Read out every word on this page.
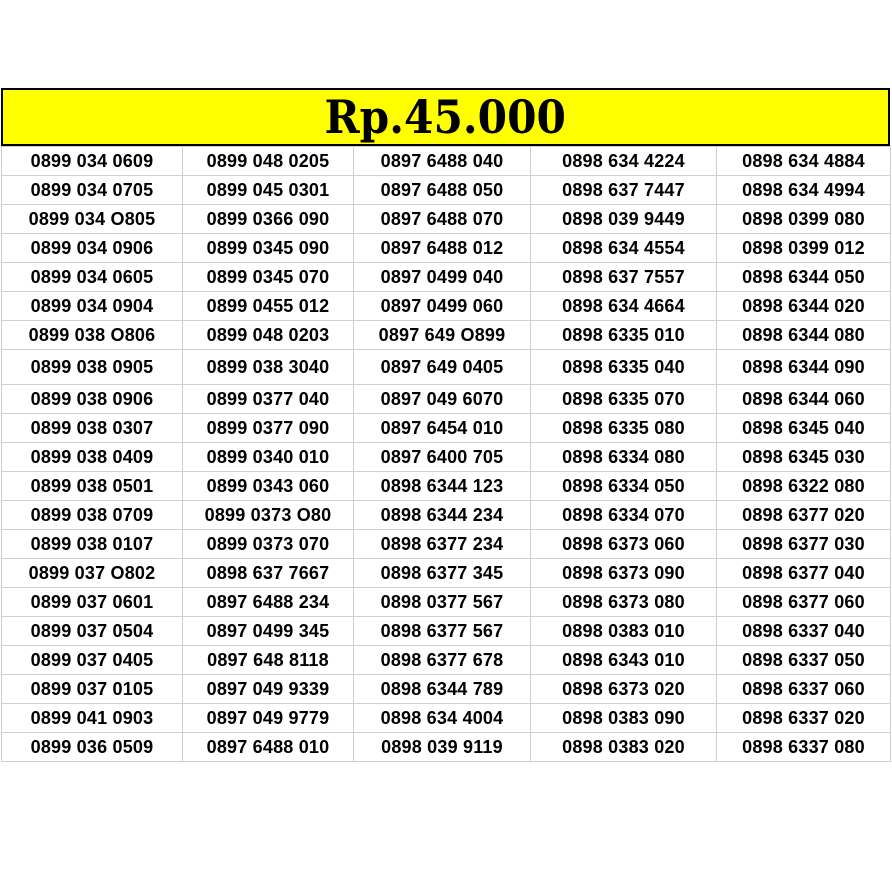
Rp.45.000
0899 034 0609	0899 048 0205	0897 6488 040	0898 634 4224	0898 634 4884
0899 034 0705	0899 045 0301	0897 6488 050	0898 637 7447	0898 634 4994
0899 034 O805	0899 0366 090	0897 6488 070	0898 039 9449	0898 0399 080
0899 034 0906	0899 0345 090	0897 6488 012	0898 634 4554	0898 0399 012
0899 034 0605	0899 0345 070	0897 0499 040	0898 637 7557	0898 6344 050
0899 034 0904	0899 0455 012	0897 0499 060	0898 634 4664	0898 6344 020
0899 038 O806	0899 048 0203	0897 649 O899	0898 6335 010	0898 6344 080
0899 038 0905	0899 038 3040	0897 649 0405	0898 6335 040	0898 6344 090
0899 038 0906	0899 0377 040	0897 049 6070	0898 6335 070	0898 6344 060
0899 038 0307	0899 0377 090	0897 6454 010	0898 6335 080	0898 6345 040
0899 038 0409	0899 0340 010	0897 6400 705	0898 6334 080	0898 6345 030
0899 038 0501	0899 0343 060	0898 6344 123	0898 6334 050	0898 6322 080
0899 038 0709	0899 0373 O80	0898 6344 234	0898 6334 070	0898 6377 020
0899 038 0107	0899 0373 070	0898 6377 234	0898 6373 060	0898 6377 030
0899 037 O802	0898 637 7667	0898 6377 345	0898 6373 090	0898 6377 040
0899 037 0601	0897 6488 234	0898 0377 567	0898 6373 080	0898 6377 060
0899 037 0504	0897 0499 345	0898 6377 567	0898 0383 010	0898 6337 040
0899 037 0405	0897 648 8118	0898 6377 678	0898 6343 010	0898 6337 050
0899 037 0105	0897 049 9339	0898 6344 789	0898 6373 020	0898 6337 060
0899 041 0903	0897 049 9779	0898 634 4004	0898 0383 090	0898 6337 020
0899 036 0509	0897 6488 010	0898 039 9119	0898 0383 020	0898 6337 080
